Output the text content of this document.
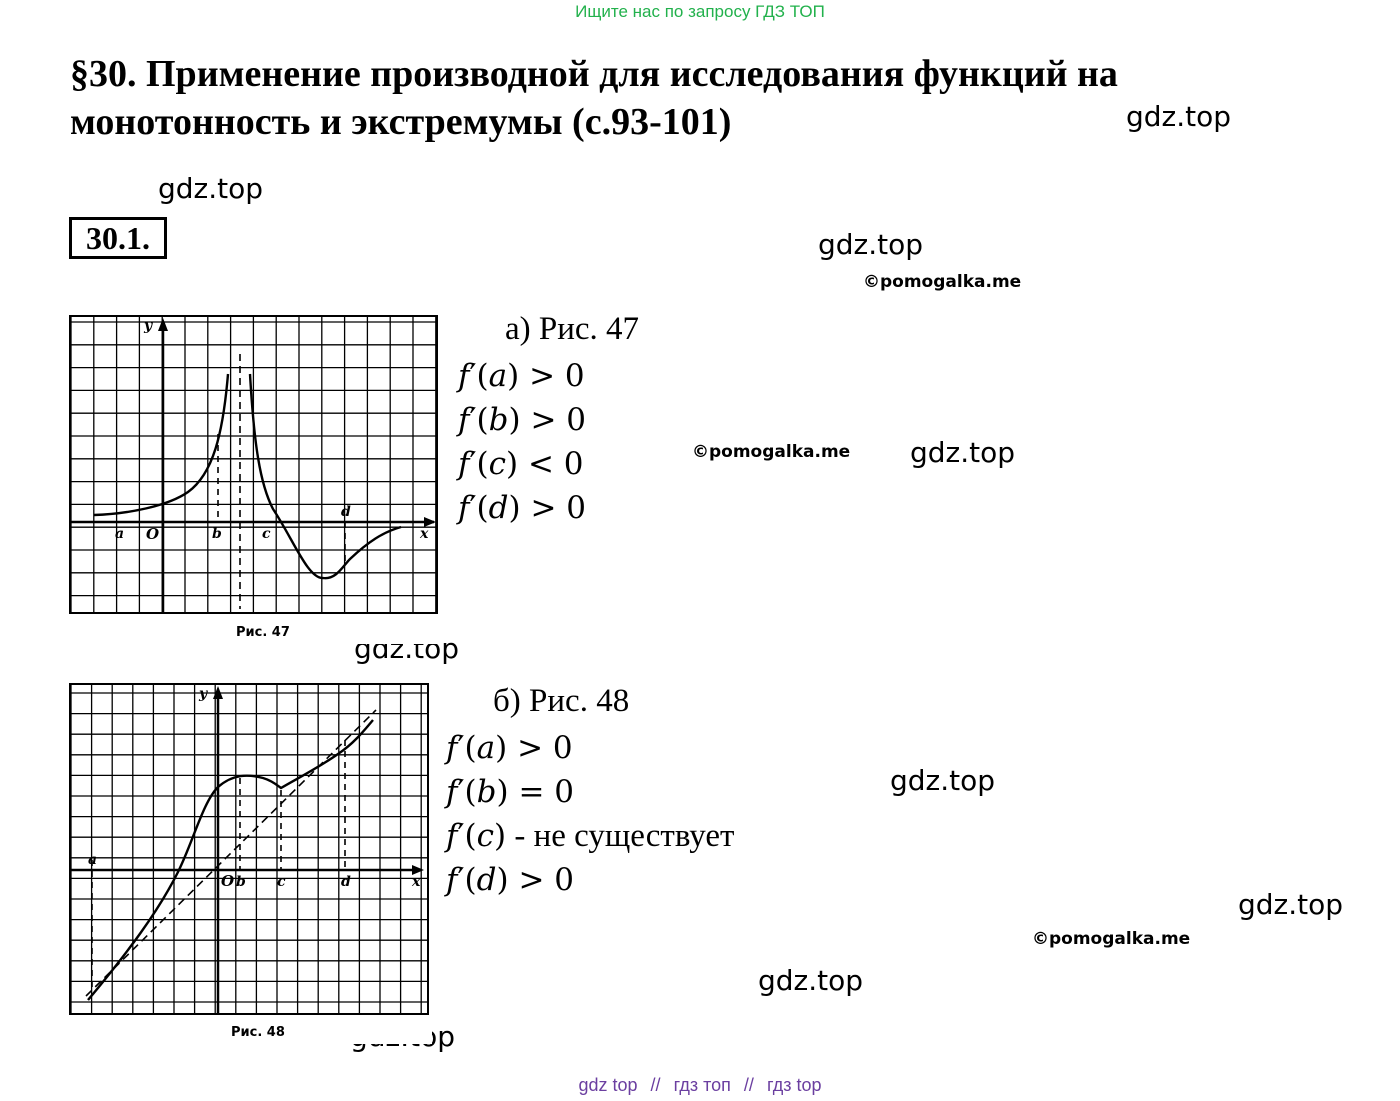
Ищите нас по запросу ГДЗ ТОП
§30. Применение производной для исследования функций на монотонность и экстремумы (с.93-101)
30.1.
gdz.top
gdz.top
gdz.top
gdz.top
gdz.top
gdz.top
gdz.top
gdz.top
gdz.top
©pomogalka.me
©pomogalka.me
©pomogalka.me
y
x
a O	b	c
d
Рис. 47
а) Рис. 47
f′(a) > 0
f′(b) > 0
f′(c) < 0
f′(d) > 0
y
x
a
O b c	d
Рис. 48
б) Рис. 48
f′(a) > 0
f′(b) = 0
f′(c) - не существует
f′(d) > 0
gdz top // гдз топ // гдз top
